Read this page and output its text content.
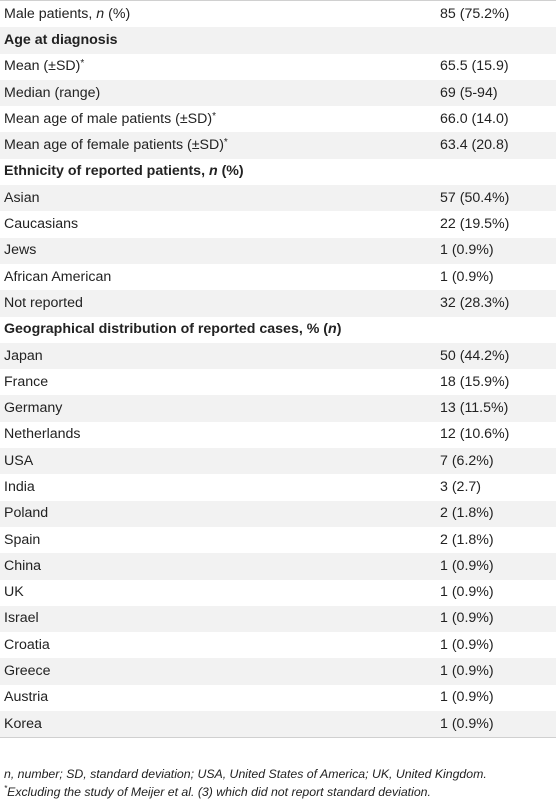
Male patients, n (%)	85 (75.2%)
Age at diagnosis	
Mean (±SD)*	65.5 (15.9)
Median (range)	69 (5-94)
Mean age of male patients (±SD)*	66.0 (14.0)
Mean age of female patients (±SD)*	63.4 (20.8)
Ethnicity of reported patients, n (%)	
Asian	57 (50.4%)
Caucasians	22 (19.5%)
Jews	1 (0.9%)
African American	1 (0.9%)
Not reported	32 (28.3%)
Geographical distribution of reported cases, % (n)	
Japan	50 (44.2%)
France	18 (15.9%)
Germany	13 (11.5%)
Netherlands	12 (10.6%)
USA	7 (6.2%)
India	3 (2.7)
Poland	2 (1.8%)
Spain	2 (1.8%)
China	1 (0.9%)
UK	1 (0.9%)
Israel	1 (0.9%)
Croatia	1 (0.9%)
Greece	1 (0.9%)
Austria	1 (0.9%)
Korea	1 (0.9%)

n, number; SD, standard deviation; USA, United States of America; UK, United Kingdom.

*Excluding the study of Meijer et al. (3) which did not report standard deviation.
